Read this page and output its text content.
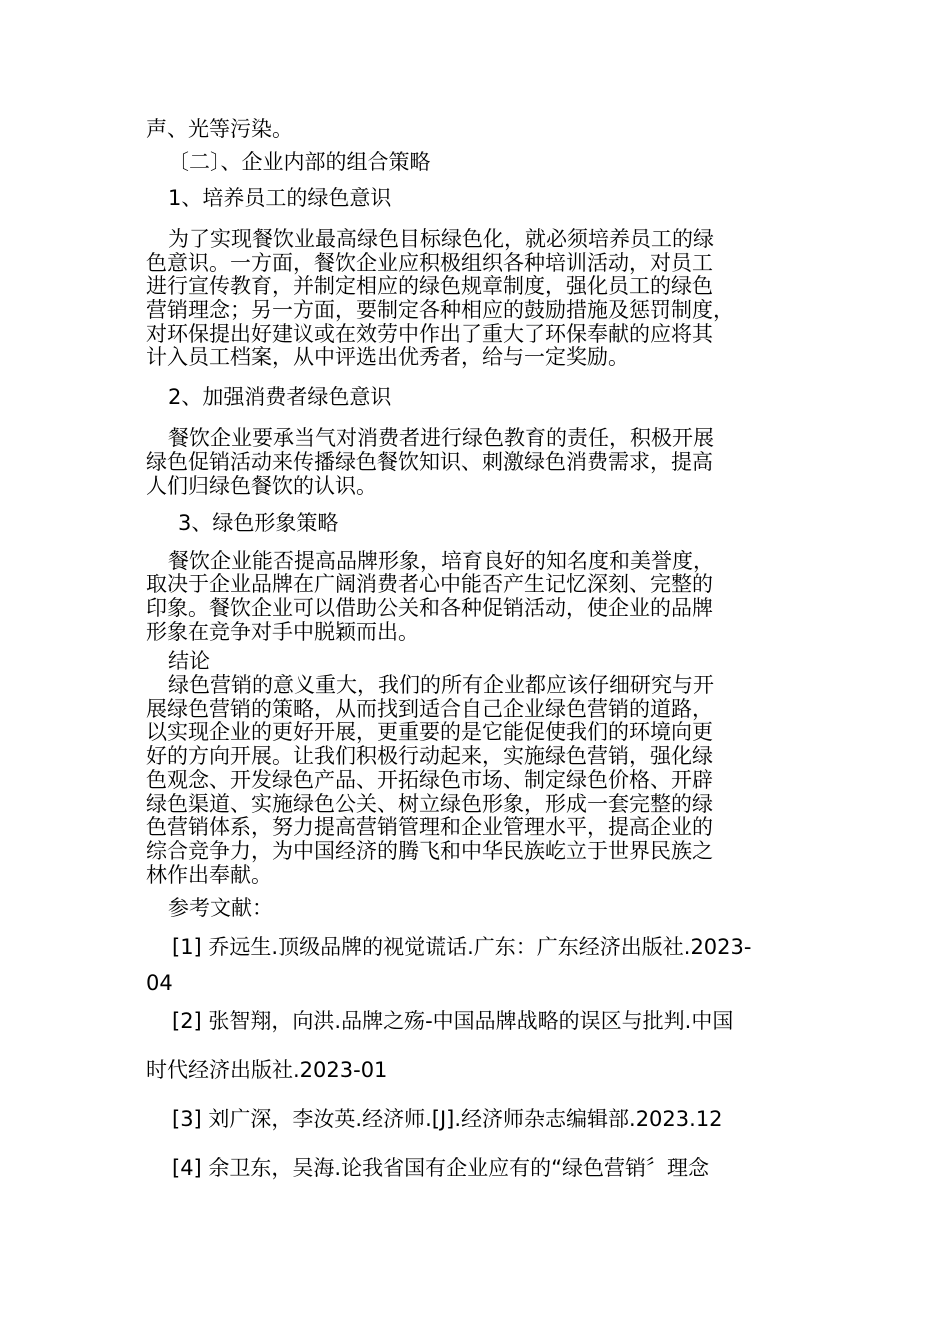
声、光等污染。

〔二〕、企业内部的组合策略

1、培养员工的绿色意识

为了实现餐饮业最高绿色目标绿色化，就必须培养员工的绿

色意识。一方面，餐饮企业应积极组织各种培训活动，对员工

进行宣传教育，并制定相应的绿色规章制度，强化员工的绿色

营销理念；另一方面，要制定各种相应的鼓励措施及惩罚制度，

对环保提出好建议或在效劳中作出了重大了环保奉献的应将其

计入员工档案，从中评选出优秀者，给与一定奖励。

2、加强消费者绿色意识

餐饮企业要承当气对消费者进行绿色教育的责任，积极开展

绿色促销活动来传播绿色餐饮知识、刺激绿色消费需求，提高

人们归绿色餐饮的认识。

3、绿色形象策略

餐饮企业能否提高品牌形象，培育良好的知名度和美誉度，

取决于企业品牌在广阔消费者心中能否产生记忆深刻、完整的

印象。餐饮企业可以借助公关和各种促销活动，使企业的品牌

形象在竞争对手中脱颖而出。

结论

绿色营销的意义重大，我们的所有企业都应该仔细研究与开

展绿色营销的策略，从而找到适合自己企业绿色营销的道路，

以实现企业的更好开展，更重要的是它能促使我们的环境向更

好的方向开展。让我们积极行动起来，实施绿色营销，强化绿

色观念、开发绿色产品、开拓绿色市场、制定绿色价格、开辟

绿色渠道、实施绿色公关、树立绿色形象，形成一套完整的绿

色营销体系，努力提高营销管理和企业管理水平，提高企业的

综合竞争力，为中国经济的腾飞和中华民族屹立于世界民族之

林作出奉献。

参考文献：

[1] 乔远生.顶级品牌的视觉谎话.广东：广东经济出版社.2023-

04

[2] 张智翔，向洪.品牌之殇-中国品牌战略的误区与批判.中国

时代经济出版社.2023-01

[3] 刘广深，李汝英.经济师.[J].经济师杂志编辑部.2023.12

[4] 余卫东，吴海.论我省国有企业应有的“绿色营销〞理念
